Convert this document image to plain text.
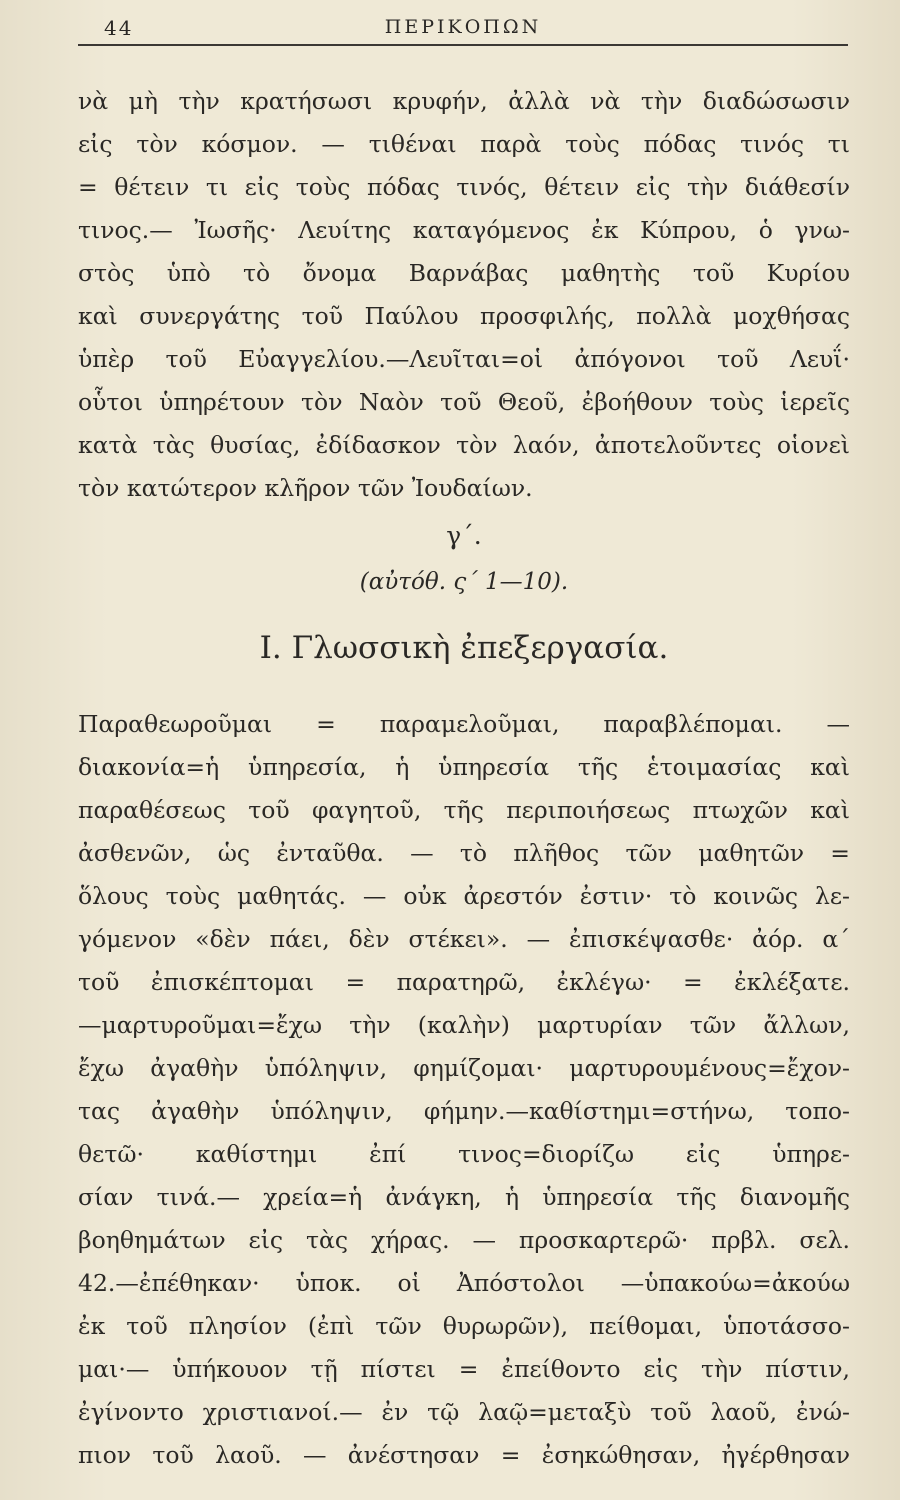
44	ΠΕΡΙΚΟΠΩΝ
νὰ μὴ τὴν κρατήσωσι κρυφήν, ἀλλὰ νὰ τὴν διαδώσωσιν
εἰς τὸν κόσμον. — τιθέναι παρὰ τοὺς πόδας τινός τι
= θέτειν τι εἰς τοὺς πόδας τινός, θέτειν εἰς τὴν διάθεσίν
τινος.— Ἰωσῆς· Λευίτης καταγόμενος ἐκ Κύπρου, ὁ γνω-
στὸς ὑπὸ τὸ ὄνομα Βαρνάβας μαθητὴς τοῦ Κυρίου
καὶ συνεργάτης τοῦ Παύλου προσφιλής, πολλὰ μοχθήσας
ὑπὲρ τοῦ Εὐαγγελίου.—Λευῖται=οἱ ἀπόγονοι τοῦ Λευΐ·
οὗτοι ὑπηρέτουν τὸν Ναὸν τοῦ Θεοῦ, ἐβοήθουν τοὺς ἱερεῖς
κατὰ τὰς θυσίας, ἐδίδασκον τὸν λαόν, ἀποτελοῦντες οἱονεὶ
τὸν κατώτερον κλῆρον τῶν Ἰουδαίων.
γ΄.
(αὐτόθ. ς΄ 1—10).
Ι. Γλωσσικὴ ἐπεξεργασία.
Παραθεωροῦμαι = παραμελοῦμαι, παραβλέπομαι. —
διακονία=ἡ ὑπηρεσία, ἡ ὑπηρεσία τῆς ἑτοιμασίας καὶ
παραθέσεως τοῦ φαγητοῦ, τῆς περιποιήσεως πτωχῶν καὶ
ἀσθενῶν, ὡς ἐνταῦθα. — τὸ πλῆθος τῶν μαθητῶν =
ὅλους τοὺς μαθητάς. — οὐκ ἀρεστόν ἐστιν· τὸ κοινῶς λε-
γόμενον «δὲν πάει, δὲν στέκει». — ἐπισκέψασθε· ἀόρ. α΄
τοῦ ἐπισκέπτομαι = παρατηρῶ, ἐκλέγω· = ἐκλέξατε.
—μαρτυροῦμαι=ἔχω τὴν (καλὴν) μαρτυρίαν τῶν ἄλλων,
ἔχω ἀγαθὴν ὑπόληψιν, φημίζομαι· μαρτυρουμένους=ἔχον-
τας ἀγαθὴν ὑπόληψιν, φήμην.—καθίστημι=στήνω, τοπο-
θετῶ· καθίστημι ἐπί τινος=διορίζω εἰς ὑπηρε-
σίαν τινά.— χρεία=ἡ ἀνάγκη, ἡ ὑπηρεσία τῆς διανομῆς
βοηθημάτων εἰς τὰς χήρας. — προσκαρτερῶ· πρβλ. σελ.
42.—ἐπέθηκαν· ὑποκ. οἱ Ἀπόστολοι —ὑπακούω=ἀκούω
ἐκ τοῦ πλησίον (ἐπὶ τῶν θυρωρῶν), πείθομαι, ὑποτάσσο-
μαι·— ὑπήκουον τῇ πίστει = ἐπείθοντο εἰς τὴν πίστιν,
ἐγίνοντο χριστιανοί.— ἐν τῷ λαῷ=μεταξὺ τοῦ λαοῦ, ἐνώ-
πιον τοῦ λαοῦ. — ἀνέστησαν = ἐσηκώθησαν, ἠγέρθησαν
